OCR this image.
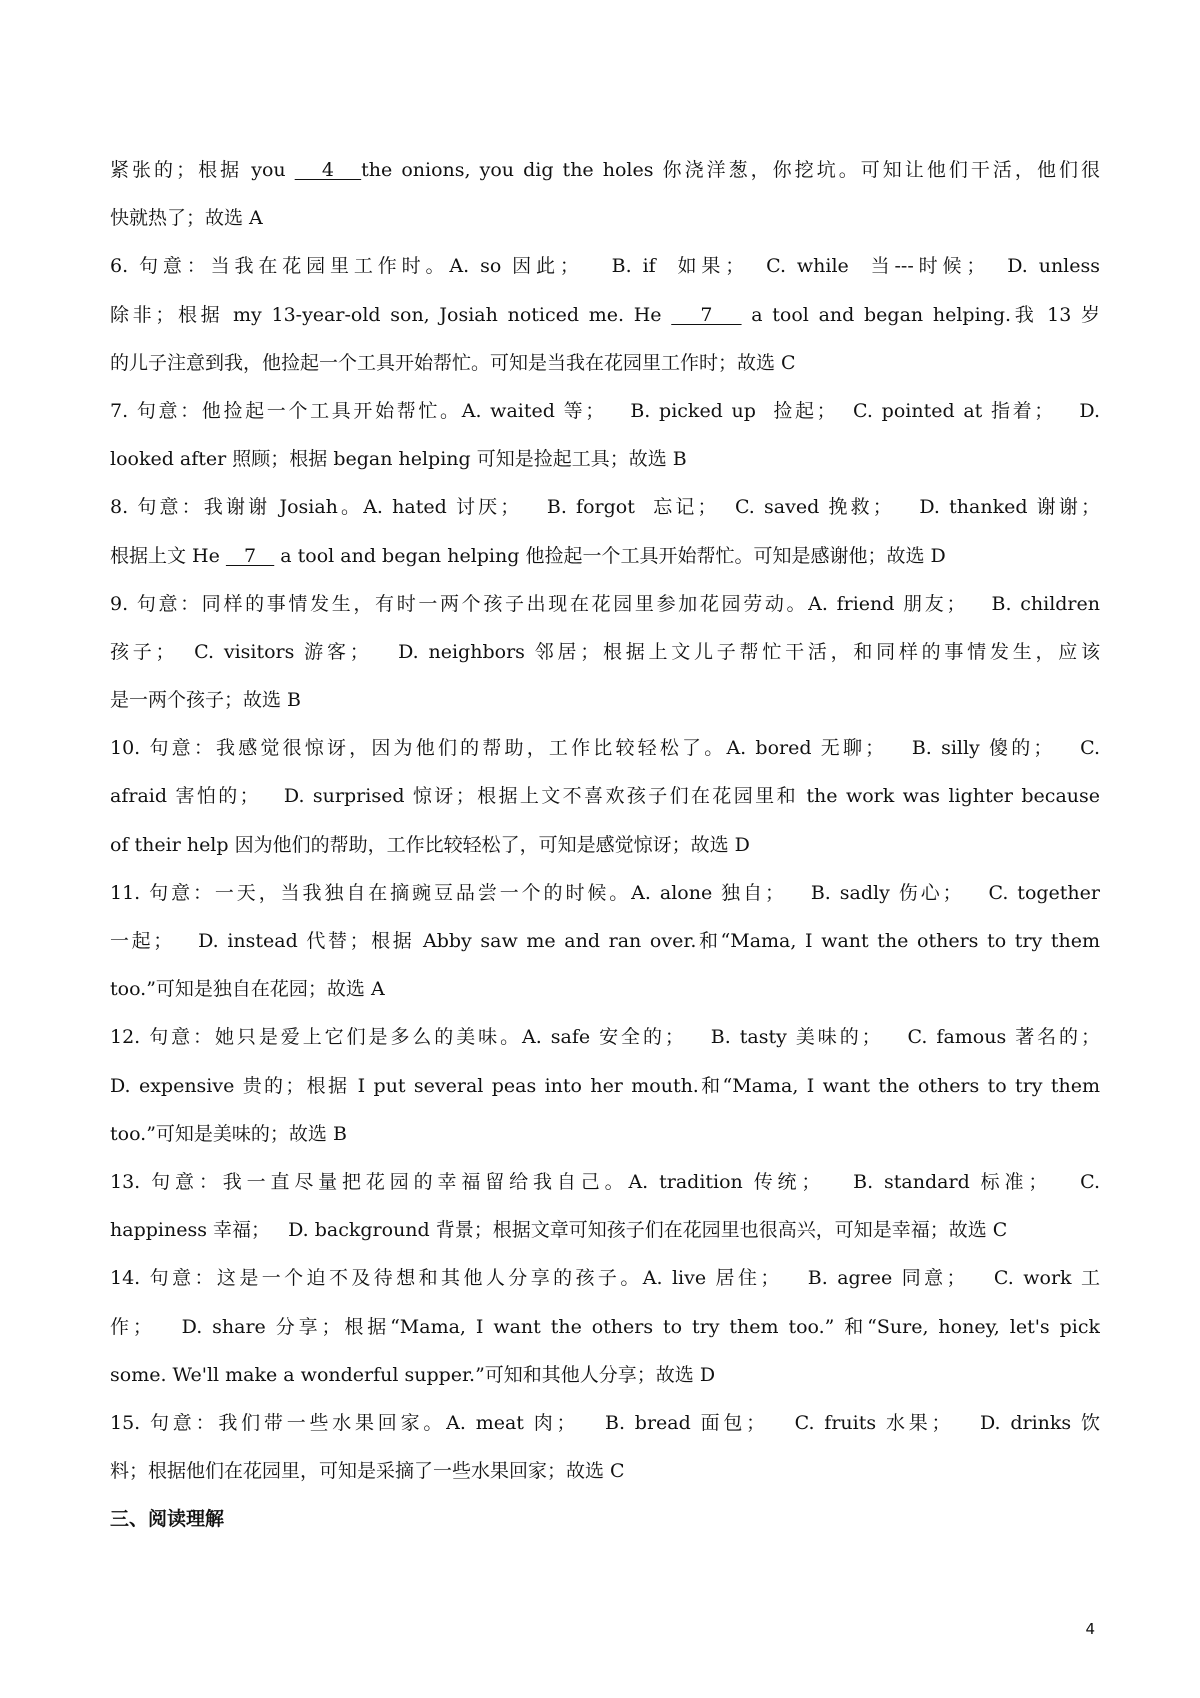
紧张的；根据 you    4   the onions, you dig the holes 你浇洋葱，你挖坑。可知让他们干活，他们很
快就热了；故选 A
6. 句意：当我在花园里工作时。A. so 因此；   B. if  如果；  C. while  当---时候；  D. unless
除非；根据 my 13-year-old son, Josiah noticed me. He    7    a tool and began helping.我 13 岁
的儿子注意到我，他捡起一个工具开始帮忙。可知是当我在花园里工作时；故选 C
7. 句意：他捡起一个工具开始帮忙。A. waited 等；   B. picked up  捡起；  C. pointed at 指着；   D.
looked after 照顾；根据 began helping 可知是捡起工具；故选 B
8. 句意：我谢谢 Josiah。A. hated 讨厌；   B. forgot  忘记；  C. saved 挽救；   D. thanked 谢谢；
根据上文 He    7    a tool and began helping 他捡起一个工具开始帮忙。可知是感谢他；故选 D
9. 句意：同样的事情发生，有时一两个孩子出现在花园里参加花园劳动。A. friend 朋友；   B. children
孩子；  C. visitors 游客；   D. neighbors 邻居；根据上文儿子帮忙干活，和同样的事情发生，应该
是一两个孩子；故选 B
10. 句意：我感觉很惊讶，因为他们的帮助，工作比较轻松了。A. bored 无聊；   B. silly 傻的；   C.
afraid 害怕的；   D. surprised 惊讶；根据上文不喜欢孩子们在花园里和 the work was lighter because
of their help 因为他们的帮助，工作比较轻松了，可知是感觉惊讶；故选 D
11. 句意：一天，当我独自在摘豌豆品尝一个的时候。A. alone 独自；   B. sadly 伤心；   C. together
一起；   D. instead 代替；根据 Abby saw me and ran over.和“Mama, I want the others to try them
too.”可知是独自在花园；故选 A
12. 句意：她只是爱上它们是多么的美味。A. safe 安全的；   B. tasty 美味的；   C. famous 著名的；
D. expensive 贵的；根据 I put several peas into her mouth.和“Mama, I want the others to try them
too.”可知是美味的；故选 B
13. 句意：我一直尽量把花园的幸福留给我自己。A. tradition 传统；   B. standard 标准；   C.
happiness 幸福；   D. background 背景；根据文章可知孩子们在花园里也很高兴，可知是幸福；故选 C
14. 句意：这是一个迫不及待想和其他人分享的孩子。A. live 居住；   B. agree 同意；   C. work 工
作；   D. share 分享；根据“Mama, I want the others to try them too.” 和“Sure, honey, let's pick
some. We'll make a wonderful supper.”可知和其他人分享；故选 D
15. 句意：我们带一些水果回家。A. meat 肉；   B. bread 面包；   C. fruits 水果；   D. drinks 饮
料；根据他们在花园里，可知是采摘了一些水果回家；故选 C
三、阅读理解
4
